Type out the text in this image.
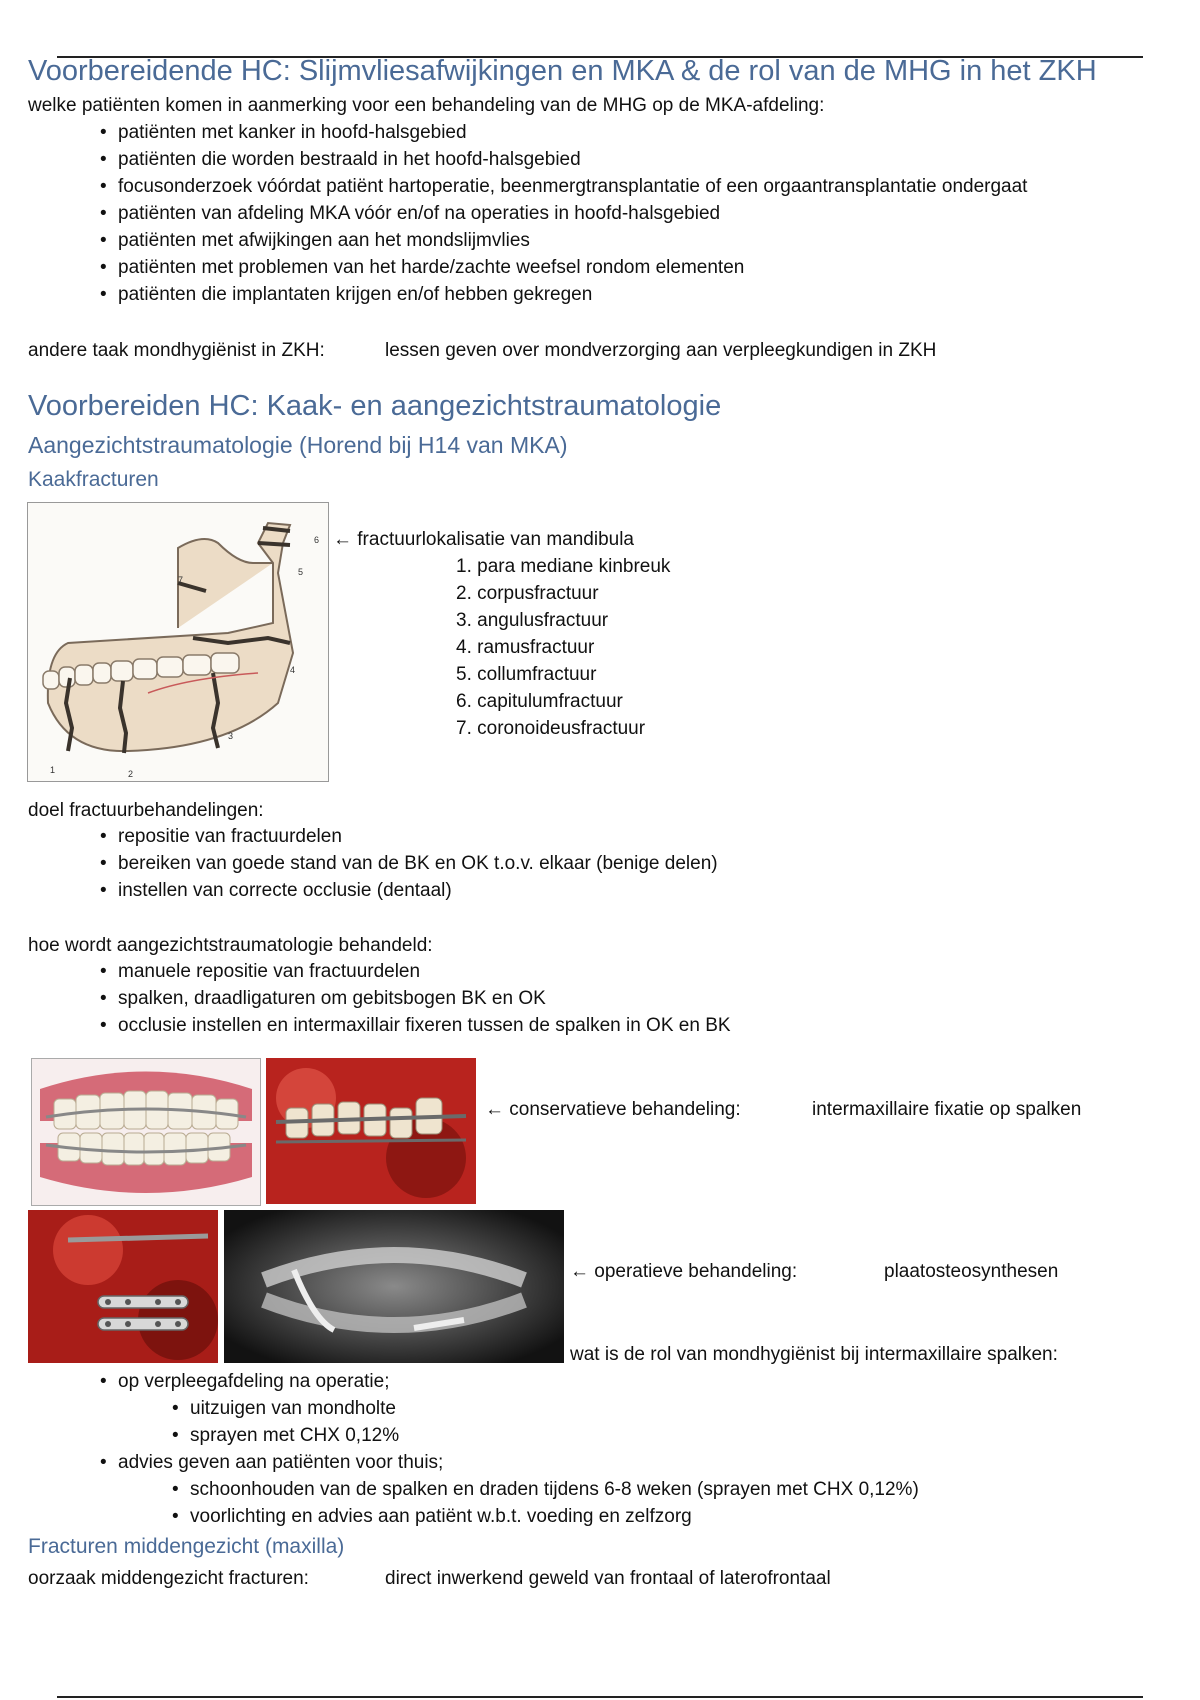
Voorbereidende HC: Slijmvliesafwijkingen en MKA & de rol van de MHG in het ZKH
welke patiënten komen in aanmerking voor een behandeling van de MHG op de MKA-afdeling:
• patiënten met kanker in hoofd-halsgebied
• patiënten die worden bestraald in het hoofd-halsgebied
• focusonderzoek vóórdat patiënt hartoperatie, beenmergtransplantatie of een orgaantransplantatie ondergaat
• patiënten van afdeling MKA vóór en/of na operaties in hoofd-halsgebied
• patiënten met afwijkingen aan het mondslijmvlies
• patiënten met problemen van het harde/zachte weefsel rondom elementen
• patiënten die implantaten krijgen en/of hebben gekregen
andere taak mondhygiënist in ZKH:	lessen geven over mondverzorging aan verpleegkundigen in ZKH
Voorbereiden HC: Kaak- en aangezichtstraumatologie
Aangezichtstraumatologie (Horend bij H14 van MKA)
Kaakfracturen
1	2
3
4
5
6
7
← fractuurlokalisatie van mandibula
1. para mediane kinbreuk
2. corpusfractuur
3. angulusfractuur
4. ramusfractuur
5. collumfractuur
6. capitulumfractuur
7. coronoideusfractuur
doel fractuurbehandelingen:
• repositie van fractuurdelen
• bereiken van goede stand van de BK en OK t.o.v. elkaar (benige delen)
• instellen van correcte occlusie (dentaal)
hoe wordt aangezichtstraumatologie behandeld:
• manuele repositie van fractuurdelen
• spalken, draadligaturen om gebitsbogen BK en OK
• occlusie instellen en intermaxillair fixeren tussen de spalken in OK en BK
← conservatieve behandeling:	intermaxillaire fixatie op spalken
← operatieve behandeling:	plaatosteosynthesen
wat is de rol van mondhygiënist bij intermaxillaire spalken:
• op verpleegafdeling na operatie;
• uitzuigen van mondholte
• sprayen met CHX 0,12%
• advies geven aan patiënten voor thuis;
• schoonhouden van de spalken en draden tijdens 6-8 weken (sprayen met CHX 0,12%)
• voorlichting en advies aan patiënt w.b.t. voeding en zelfzorg
Fracturen middengezicht (maxilla)
oorzaak middengezicht fracturen:	direct inwerkend geweld van frontaal of laterofrontaal
